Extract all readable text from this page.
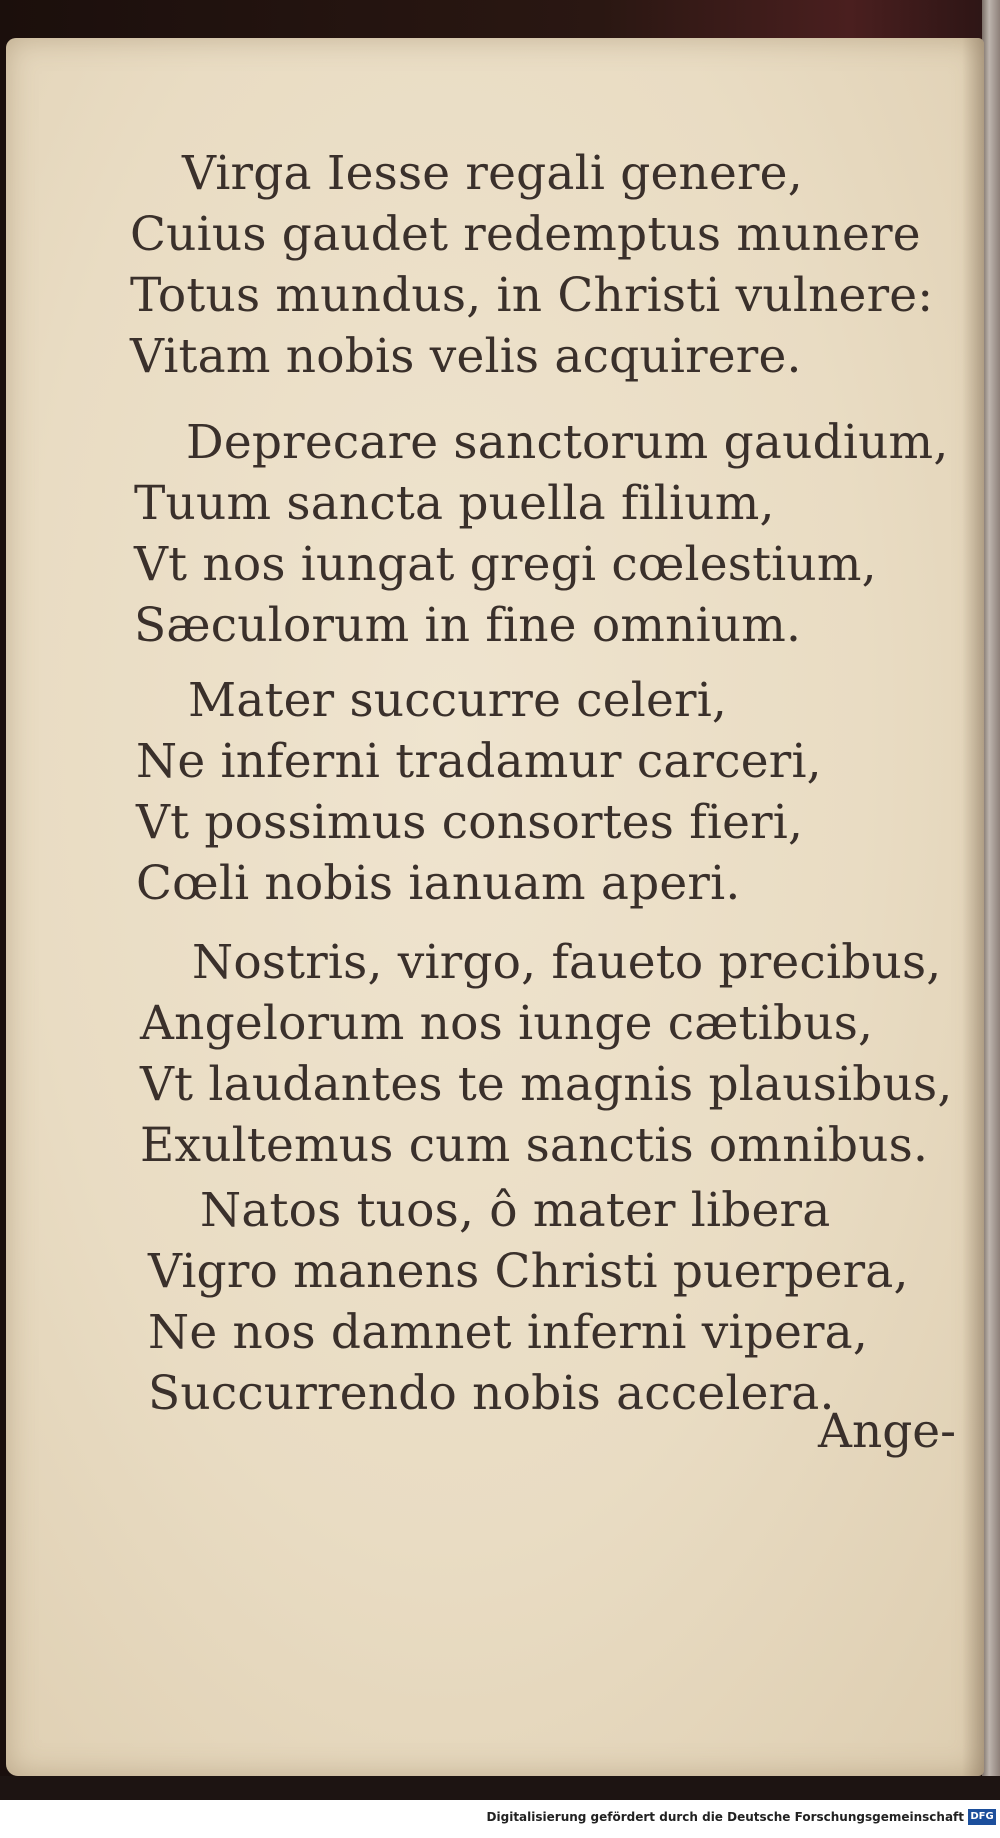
Virga Iesse regali genere,
Cuius gaudet redemptus munere
Totus mundus, in Christi vulnere:
Vitam nobis velis acquirere.
Deprecare sanctorum gaudium,
Tuum sancta puella filium,
Vt nos iungat gregi cœlestium,
Sæculorum in fine omnium.
Mater succurre celeri,
Ne inferni tradamur carceri,
Vt possimus consortes fieri,
Cœli nobis ianuam aperi.
Nostris, virgo, faueto precibus,
Angelorum nos iunge cætibus,
Vt laudantes te magnis plausibus,
Exultemus cum sanctis omnibus.
Natos tuos, ô mater libera
Vigro manens Christi puerpera,
Ne nos damnet inferni vipera,
Succurrendo nobis accelera.
Ange-
Digitalisierung gefördert durch die Deutsche Forschungsgemeinschaft DFG
